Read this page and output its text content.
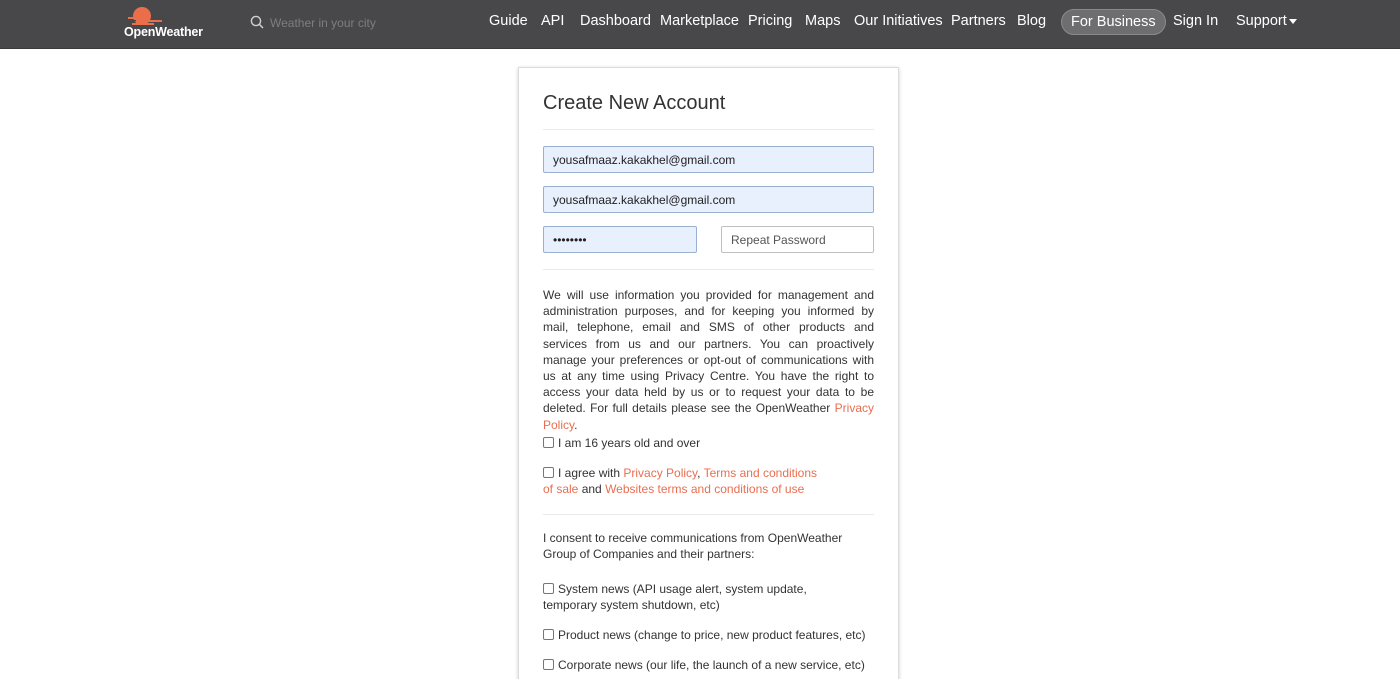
OpenWeather
Weather in your city
Guide API Dashboard Marketplace Pricing Maps Our Initiatives Partners Blog	For Business	Sign In Support
Create New Account
yousafmaaz.kakakhel@gmail.com
yousafmaaz.kakakhel@gmail.com
••••••••
We will use information you provided for management and administration purposes, and for keeping you informed by mail, telephone, email and SMS of other products and services from us and our partners. You can proactively manage your preferences or opt-out of communications with us at any time using Privacy Centre. You have the right to access your data held by us or to request your data to be deleted. For full details please see the OpenWeather Privacy Policy.
I am 16 years old and over
I agree with Privacy Policy, Terms and conditions of sale and Websites terms and conditions of use
I consent to receive communications from OpenWeather Group of Companies and their partners:
System news (API usage alert, system update, temporary system shutdown, etc)
Product news (change to price, new product features, etc)
Corporate news (our life, the launch of a new service, etc)
